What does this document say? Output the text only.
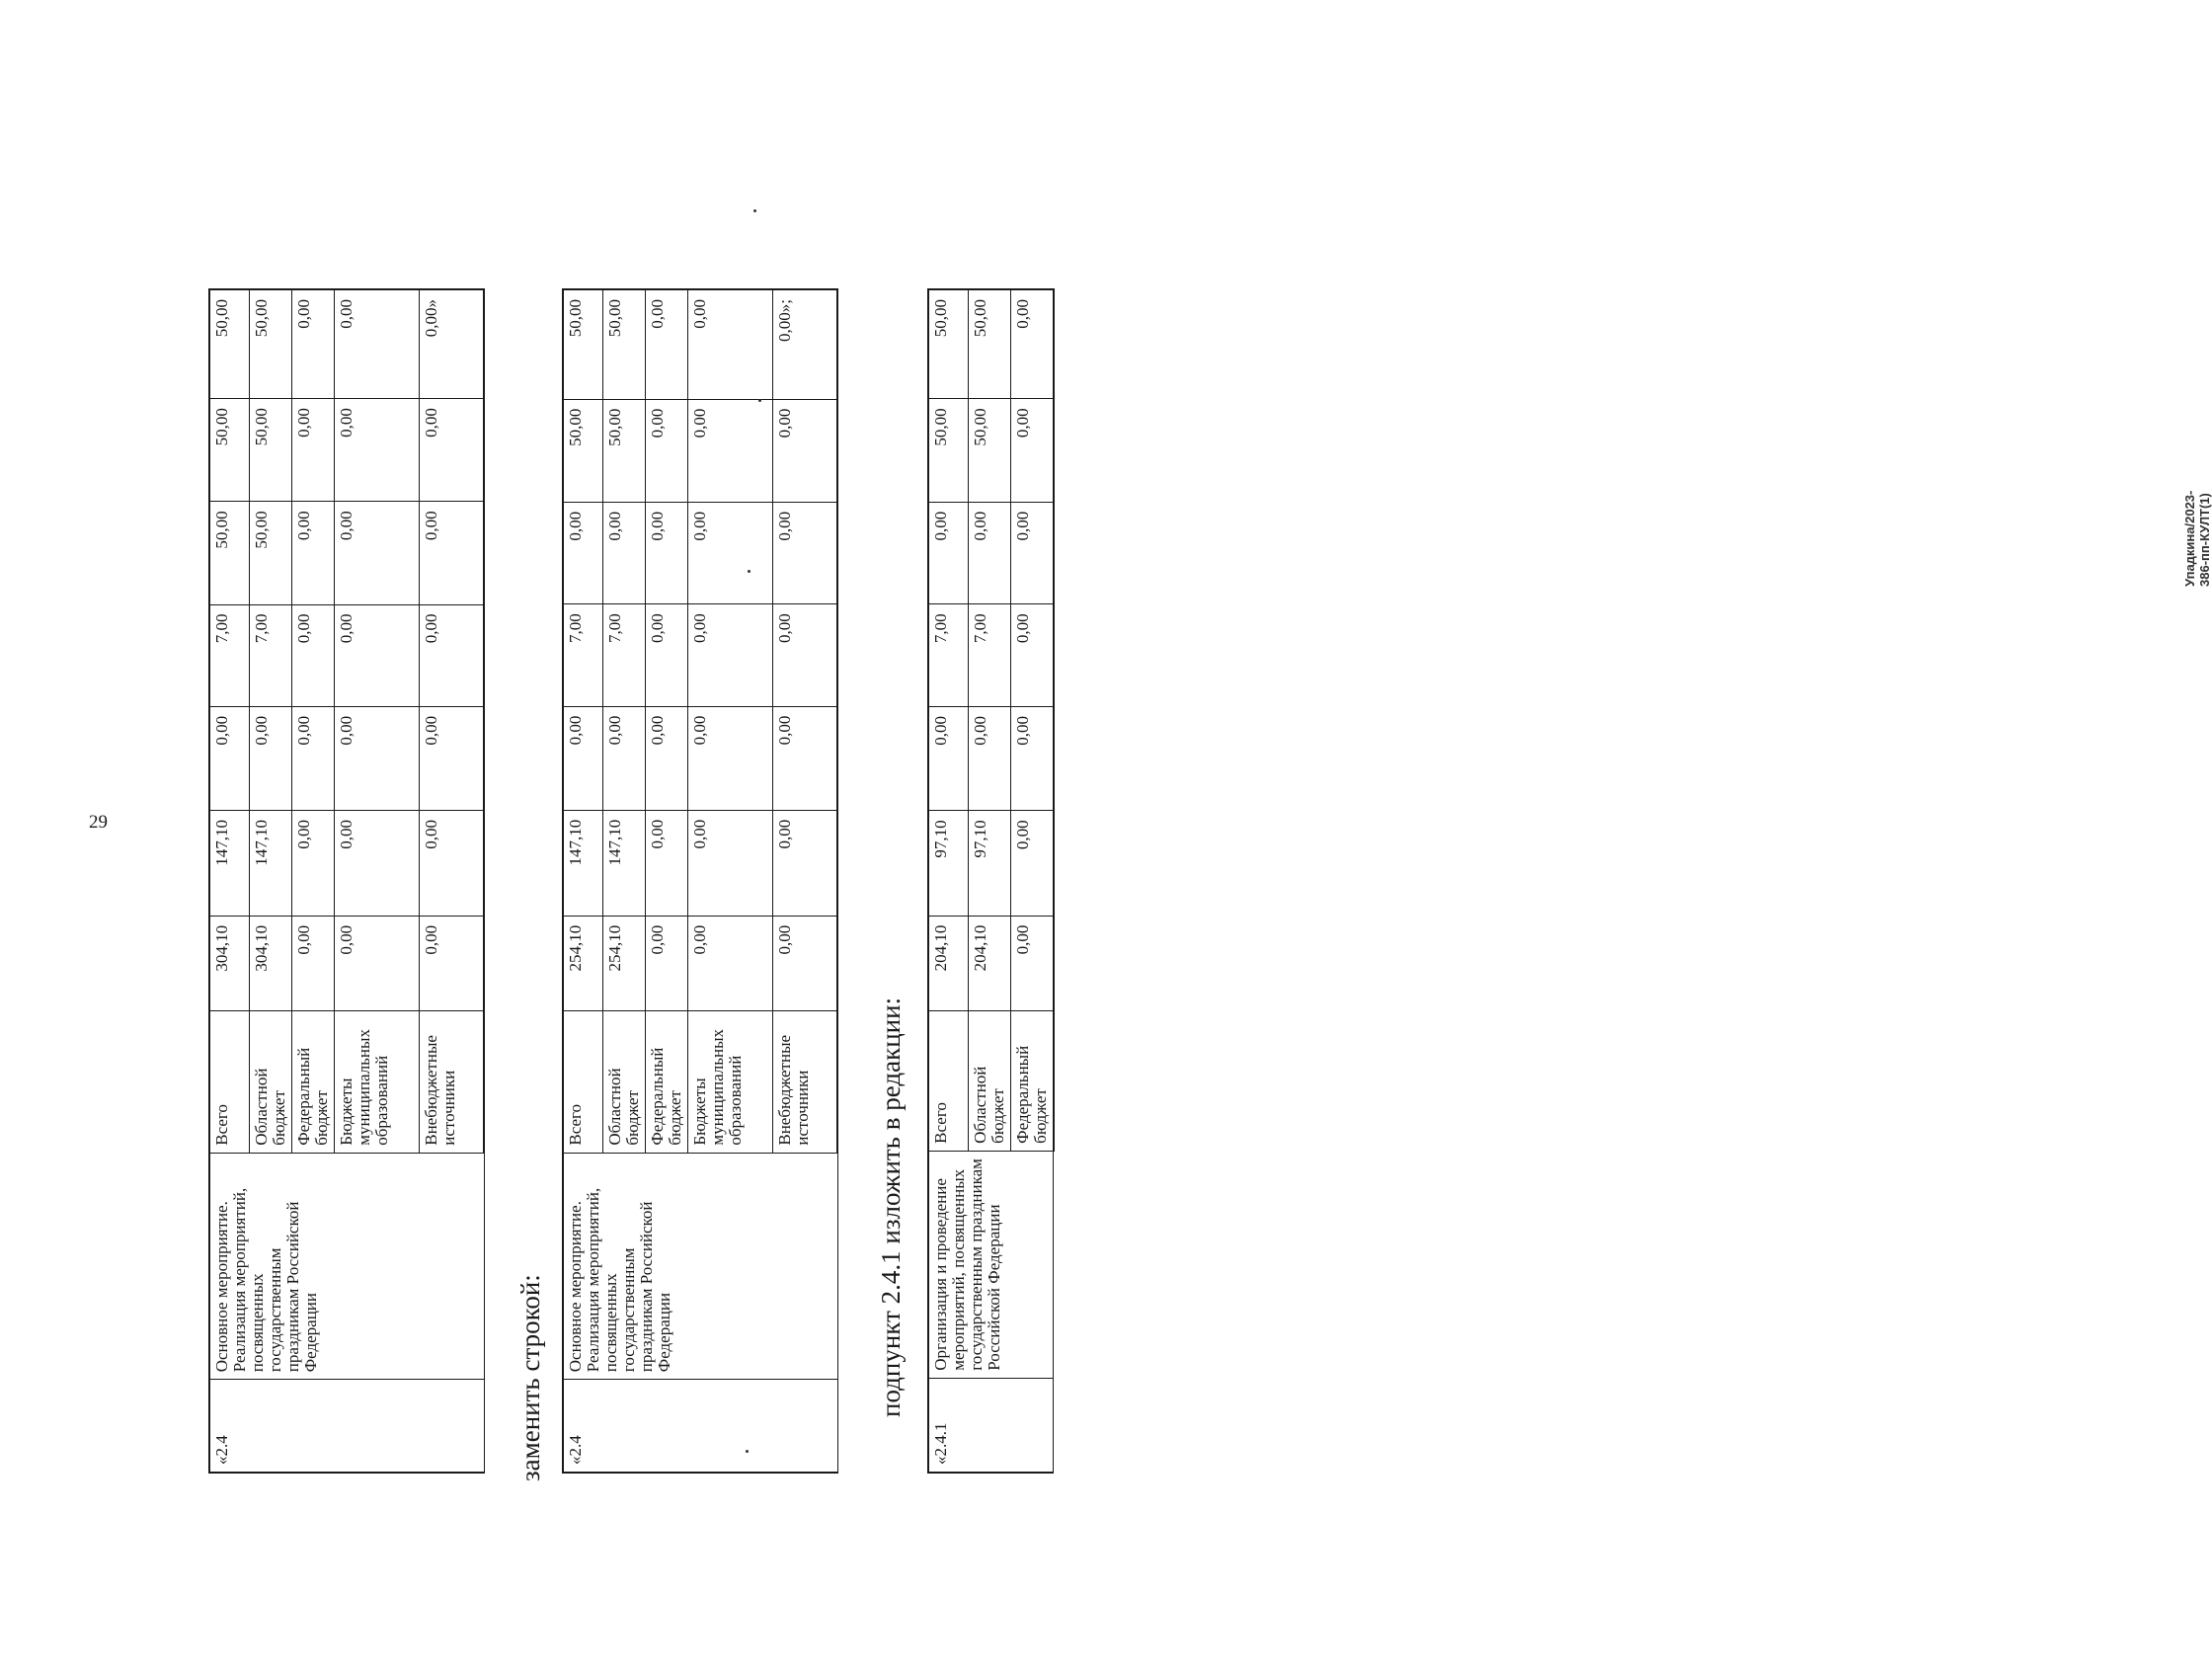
29
Упадкина/2023-386-пп-КУЛТ(1)
«2.4	Основное мероприятие. Реализация мероприятий, посвященных государственным праздникам Российской Федерации	Всего	304,10	147,10	0,00	7,00	50,00	50,00	50,00
		Областной бюджет	304,10	147,10	0,00	7,00	50,00	50,00	50,00
		Федеральный бюджет	0,00	0,00	0,00	0,00	0,00	0,00	0,00
		Бюджеты муниципальных образований	0,00	0,00	0,00	0,00	0,00	0,00	0,00
		Внебюджетные источники	0,00	0,00	0,00	0,00	0,00	0,00	0,00»
заменить строкой: «2.4	Основное мероприятие. Реализация мероприятий, посвященных государственным праздникам Российской Федерации	Всего	254,10	147,10	0,00	7,00	0,00	50,00	50,00
		Областной бюджет	254,10	147,10	0,00	7,00	0,00	50,00	50,00
		Федеральный бюджет	0,00	0,00	0,00	0,00	0,00	0,00	0,00
		Бюджеты муниципальных образований	0,00	0,00	0,00	0,00	0,00	0,00	0,00
		Внебюджетные источники	0,00	0,00	0,00	0,00	0,00	0,00	0,00»;
подпункт 2.4.1 изложить в редакции:
«2.4.1	Организация и проведение мероприятий, посвященных государственным праздникам Российской Федерации	Всего	204,10	97,10	0,00	7,00	0,00	50,00	50,00
		Областной бюджет	204,10	97,10	0,00	7,00	0,00	50,00	50,00
		Федеральный бюджет	0,00	0,00	0,00	0,00	0,00	0,00	0,00
